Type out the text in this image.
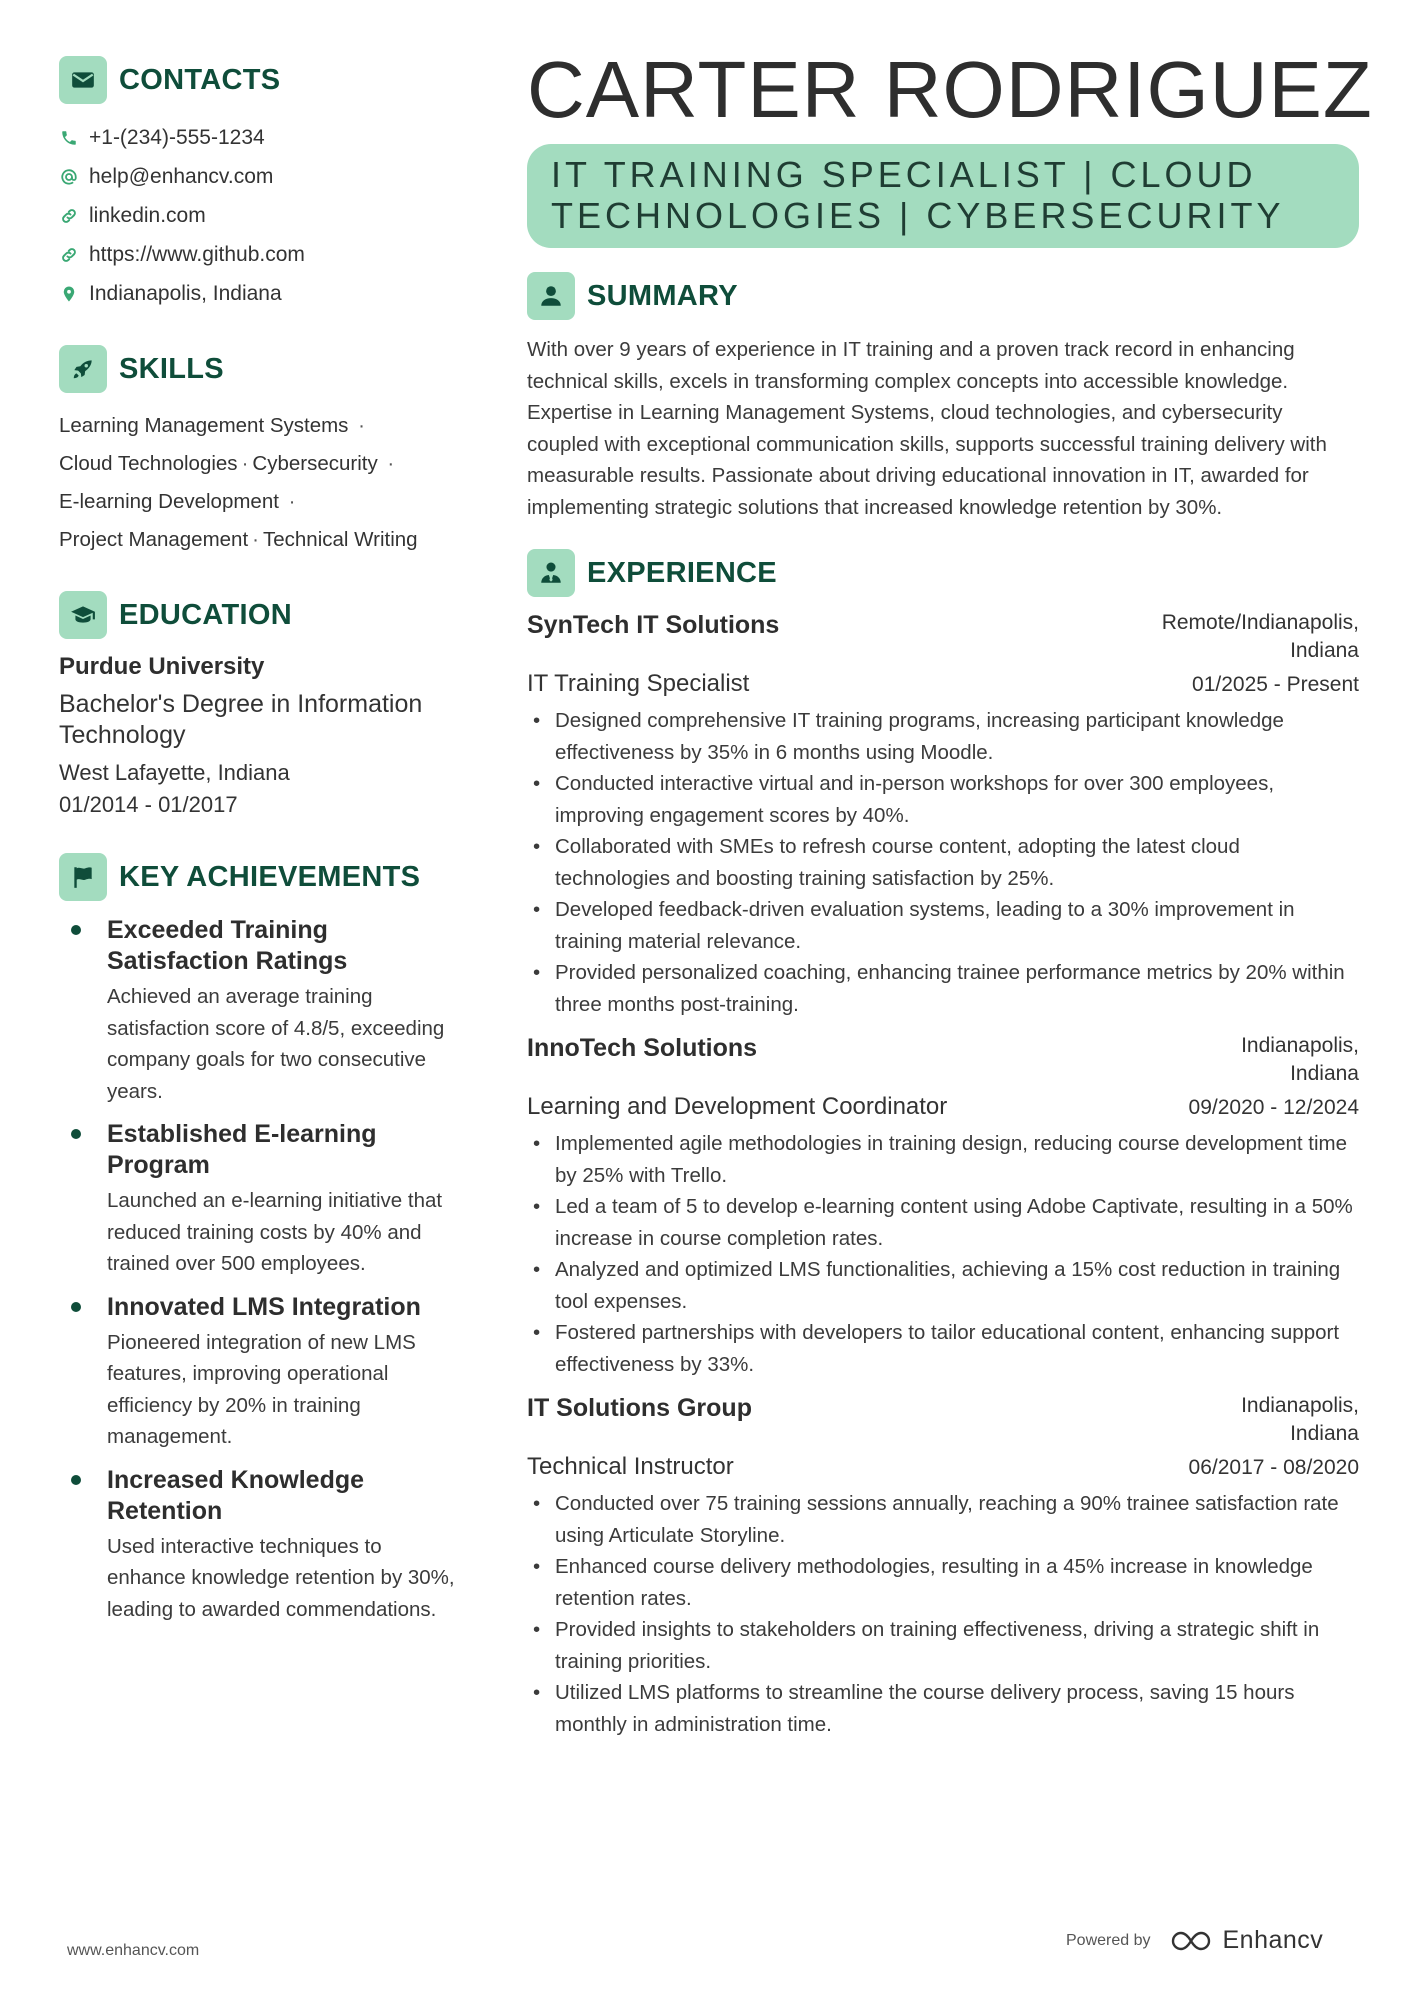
CONTACTS
+1-(234)-555-1234
help@enhancv.com
linkedin.com
https://www.github.com
Indianapolis, Indiana
SKILLS
Learning Management Systems ·
Cloud Technologies · Cybersecurity ·
E-learning Development ·
Project Management · Technical Writing
EDUCATION
Purdue University
Bachelor's Degree in Information Technology
West Lafayette, Indiana
01/2014 - 01/2017
KEY ACHIEVEMENTS
Exceeded Training Satisfaction Ratings
Achieved an average training satisfaction score of 4.8/5, exceeding company goals for two consecutive years.
Established E-learning Program
Launched an e-learning initiative that reduced training costs by 40% and trained over 500 employees.
Innovated LMS Integration
Pioneered integration of new LMS features, improving operational efficiency by 20% in training management.
Increased Knowledge Retention
Used interactive techniques to enhance knowledge retention by 30%, leading to awarded commendations.
CARTER RODRIGUEZ
IT TRAINING SPECIALIST | CLOUD TECHNOLOGIES | CYBERSECURITY
SUMMARY
With over 9 years of experience in IT training and a proven track record in enhancing technical skills, excels in transforming complex concepts into accessible knowledge. Expertise in Learning Management Systems, cloud technologies, and cybersecurity coupled with exceptional communication skills, supports successful training delivery with measurable results. Passionate about driving educational innovation in IT, awarded for implementing strategic solutions that increased knowledge retention by 30%.
EXPERIENCE
SynTech IT Solutions	Remote/Indianapolis, Indiana
IT Training Specialist	01/2025 - Present
• Designed comprehensive IT training programs, increasing participant knowledge effectiveness by 35% in 6 months using Moodle.
• Conducted interactive virtual and in-person workshops for over 300 employees, improving engagement scores by 40%.
• Collaborated with SMEs to refresh course content, adopting the latest cloud technologies and boosting training satisfaction by 25%.
• Developed feedback-driven evaluation systems, leading to a 30% improvement in training material relevance.
• Provided personalized coaching, enhancing trainee performance metrics by 20% within three months post-training.
InnoTech Solutions	Indianapolis, Indiana
Learning and Development Coordinator	09/2020 - 12/2024
• Implemented agile methodologies in training design, reducing course development time by 25% with Trello.
• Led a team of 5 to develop e-learning content using Adobe Captivate, resulting in a 50% increase in course completion rates.
• Analyzed and optimized LMS functionalities, achieving a 15% cost reduction in training tool expenses.
• Fostered partnerships with developers to tailor educational content, enhancing support effectiveness by 33%.
IT Solutions Group	Indianapolis, Indiana
Technical Instructor	06/2017 - 08/2020
• Conducted over 75 training sessions annually, reaching a 90% trainee satisfaction rate using Articulate Storyline.
• Enhanced course delivery methodologies, resulting in a 45% increase in knowledge retention rates.
• Provided insights to stakeholders on training effectiveness, driving a strategic shift in training priorities.
• Utilized LMS platforms to streamline the course delivery process, saving 15 hours monthly in administration time.
www.enhancv.com
Powered by	Enhancv
